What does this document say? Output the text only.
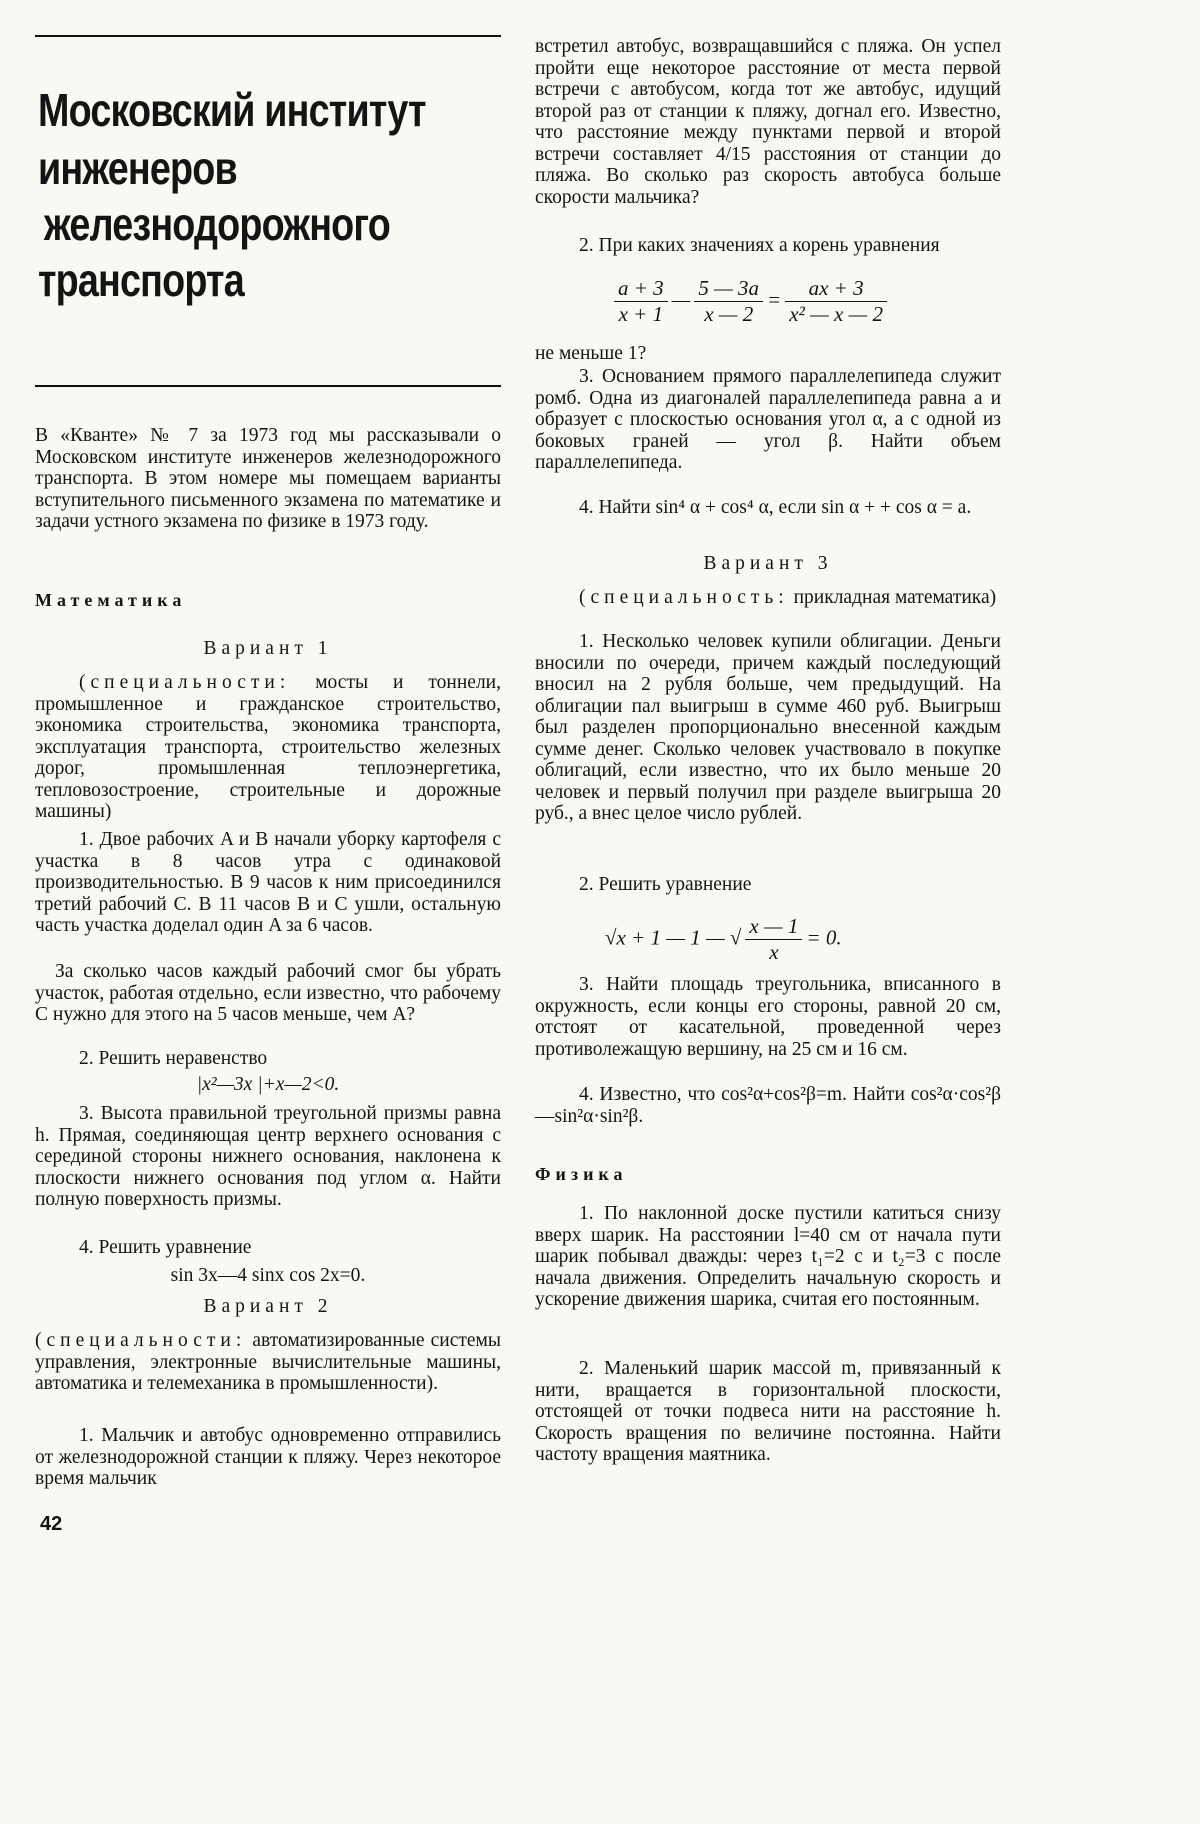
Московский институт
инженеров
железнодорожного
транспорта

В «Кванте» № 7 за 1973 год мы рассказывали о Московском институте инженеров железнодорожного транспорта. В этом номере мы помещаем варианты вступительного письменного экзамена по математике и задачи устного экзамена по физике в 1973 году.

Математика

Вариант 1

(специальности: мосты и тоннели, промышленное и гражданское строительство, экономика строительства, экономика транспорта, эксплуатация транспорта, строительство железных дорог, промышленная теплоэнергетика, тепловозостроение, строительные и дорожные машины)

1. Двое рабочих A и B начали уборку картофеля с участка в 8 часов утра с одинаковой производительностью. В 9 часов к ним присоединился третий рабочий C. В 11 часов B и C ушли, остальную часть участка доделал один A за 6 часов.

За сколько часов каждый рабочий смог бы убрать участок, работая отдельно, если известно, что рабочему C нужно для этого на 5 часов меньше, чем A?

2. Решить неравенство

|x²—3x |+x—2<0.

3. Высота правильной треугольной призмы равна h. Прямая, соединяющая центр верхнего основания с серединой стороны нижнего основания, наклонена к плоскости нижнего основания под углом α. Найти полную поверхность призмы.

4. Решить уравнение

sin 3x—4 sinx cos 2x=0.

Вариант 2

(специальности: автоматизированные системы управления, электронные вычислительные машины, автоматика и телемеханика в промышленности).

1. Мальчик и автобус одновременно отправились от железнодорожной станции к пляжу. Через некоторое время мальчик

42

встретил автобус, возвращавшийся с пляжа. Он успел пройти еще некоторое расстояние от места первой встречи с автобусом, когда тот же автобус, идущий второй раз от станции к пляжу, догнал его. Известно, что расстояние между пунктами первой и второй встречи составляет 4/15 расстояния от станции до пляжа. Во сколько раз скорость автобуса больше скорости мальчика?

2. При каких значениях a корень уравнения

$\frac{a + 3}{x + 1}$ — $\frac{5 — 3a}{x — 2} = \frac{ax + 3}{\text{x² — x — 2}}$

не меньше 1?

3. Основанием прямого параллелепипеда служит ромб. Одна из диагоналей параллелепипеда равна a и образует с плоскостью основания угол α, а с одной из боковых граней — угол β. Найти объем параллелепипеда.

4. Найти sin⁴ α + cos⁴ α, если sin α + + cos α = a.

Вариант 3

(специальность: прикладная математика)

1. Несколько человек купили облигации. Деньги вносили по очереди, причем каждый последующий вносил на 2 рубля больше, чем предыдущий. На облигации пал выигрыш в сумме 460 руб. Выигрыш был разделен пропорционально внесенной каждым сумме денег. Сколько человек участвовало в покупке облигаций, если известно, что их было меньше 20 человек и первый получил при разделе выигрыша 20 руб., а внес целое число рублей.

2. Решить уравнение

√x + 1 — 1 — √ $\frac{x — 1}{x} = 0$.

3. Найти площадь треугольника, вписанного в окружность, если концы его стороны, равной 20 см, отстоят от касательной, проведенной через противолежащую вершину, на 25 см и 16 см.

4. Известно, что cos²α+cos²β=m. Найти cos²α·cos²β—sin²α·sin²β.

Физика

1. По наклонной доске пустили катиться снизу вверх шарик. На расстоянии l=40 см от начала пути шарик побывал дважды: через t₁=2 с и t₂=3 с после начала движения. Определить начальную скорость и ускорение движения шарика, считая его постоянным.

2. Маленький шарик массой m, привязанный к нити, вращается в горизонтальной плоскости, отстоящей от точки подвеса нити на расстояние h. Скорость вращения по величине постоянна. Найти частоту вращения маятника.
